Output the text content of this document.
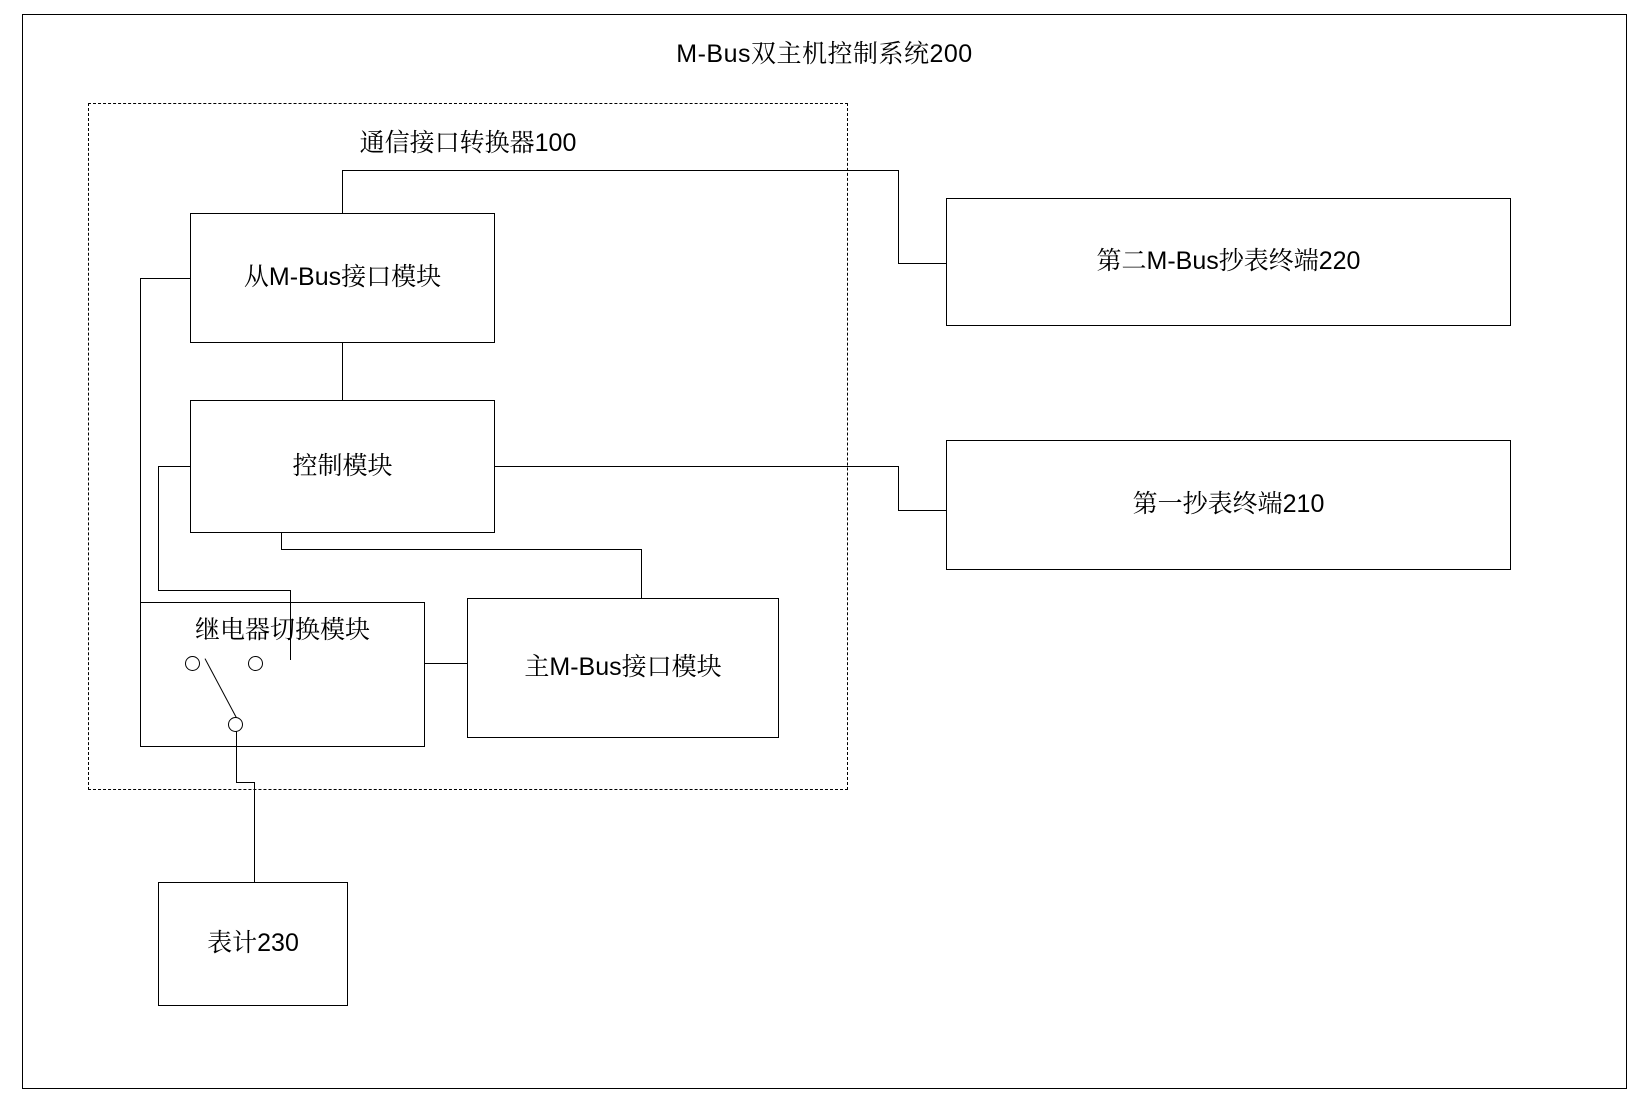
M-Bus双主机控制系统200
通信接口转换器100
从M-Bus接口模块
控制模块
继电器切换模块
主M-Bus接口模块
第二M-Bus抄表终端220
第一抄表终端210
表计230
